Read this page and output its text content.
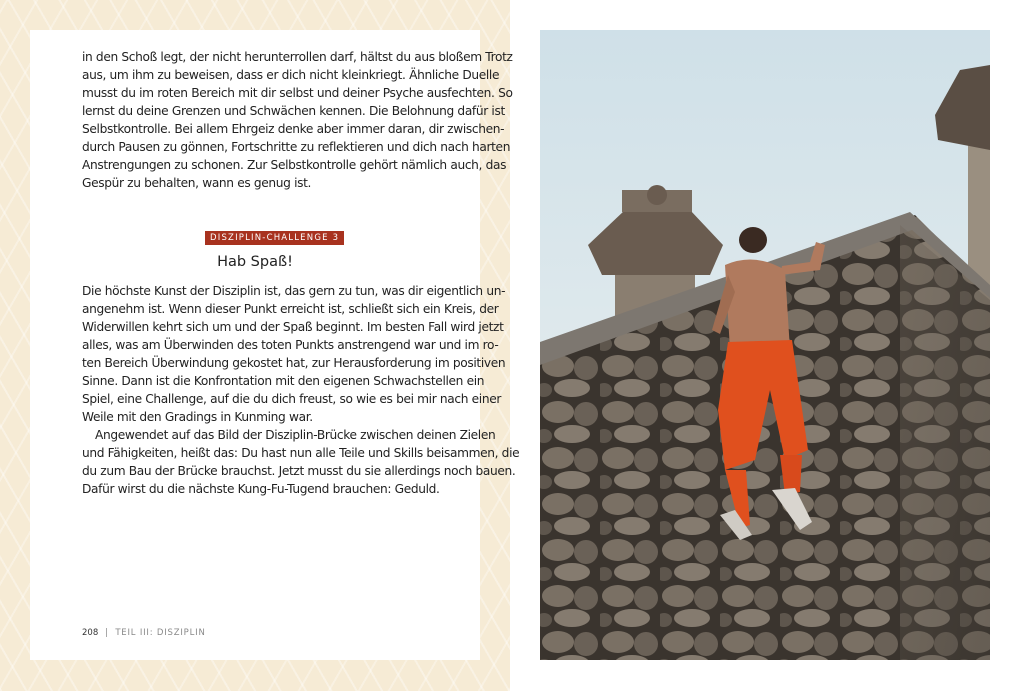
in den Schoß legt, der nicht herunterrollen darf, hältst du aus bloßem Trotz
aus, um ihm zu beweisen, dass er dich nicht kleinkriegt. Ähnliche Duelle
musst du im roten Bereich mit dir selbst und deiner Psyche ausfechten. So
lernst du deine Grenzen und Schwächen kennen. Die Belohnung dafür ist
Selbstkontrolle. Bei allem Ehrgeiz denke aber immer daran, dir zwischen-
durch Pausen zu gönnen, Fortschritte zu reflektieren und dich nach harten
Anstrengungen zu schonen. Zur Selbstkontrolle gehört nämlich auch, das
Gespür zu behalten, wann es genug ist.
DISZIPLIN-CHALLENGE 3
Hab Spaß!
Die höchste Kunst der Disziplin ist, das gern zu tun, was dir eigentlich un-
angenehm ist. Wenn dieser Punkt erreicht ist, schließt sich ein Kreis, der
Widerwillen kehrt sich um und der Spaß beginnt. Im besten Fall wird jetzt
alles, was am Überwinden des toten Punkts anstrengend war und im ro-
ten Bereich Überwindung gekostet hat, zur Herausforderung im positiven
Sinne. Dann ist die Konfrontation mit den eigenen Schwachstellen ein
Spiel, eine Challenge, auf die du dich freust, so wie es bei mir nach einer
Weile mit den Gradings in Kunming war.
Angewendet auf das Bild der Disziplin-Brücke zwischen deinen Zielen
und Fähigkeiten, heißt das: Du hast nun alle Teile und Skills beisammen, die
du zum Bau der Brücke brauchst. Jetzt musst du sie allerdings noch bauen.
Dafür wirst du die nächste Kung-Fu-Tugend brauchen: Geduld.
208 | TEIL III: DISZIPLIN
